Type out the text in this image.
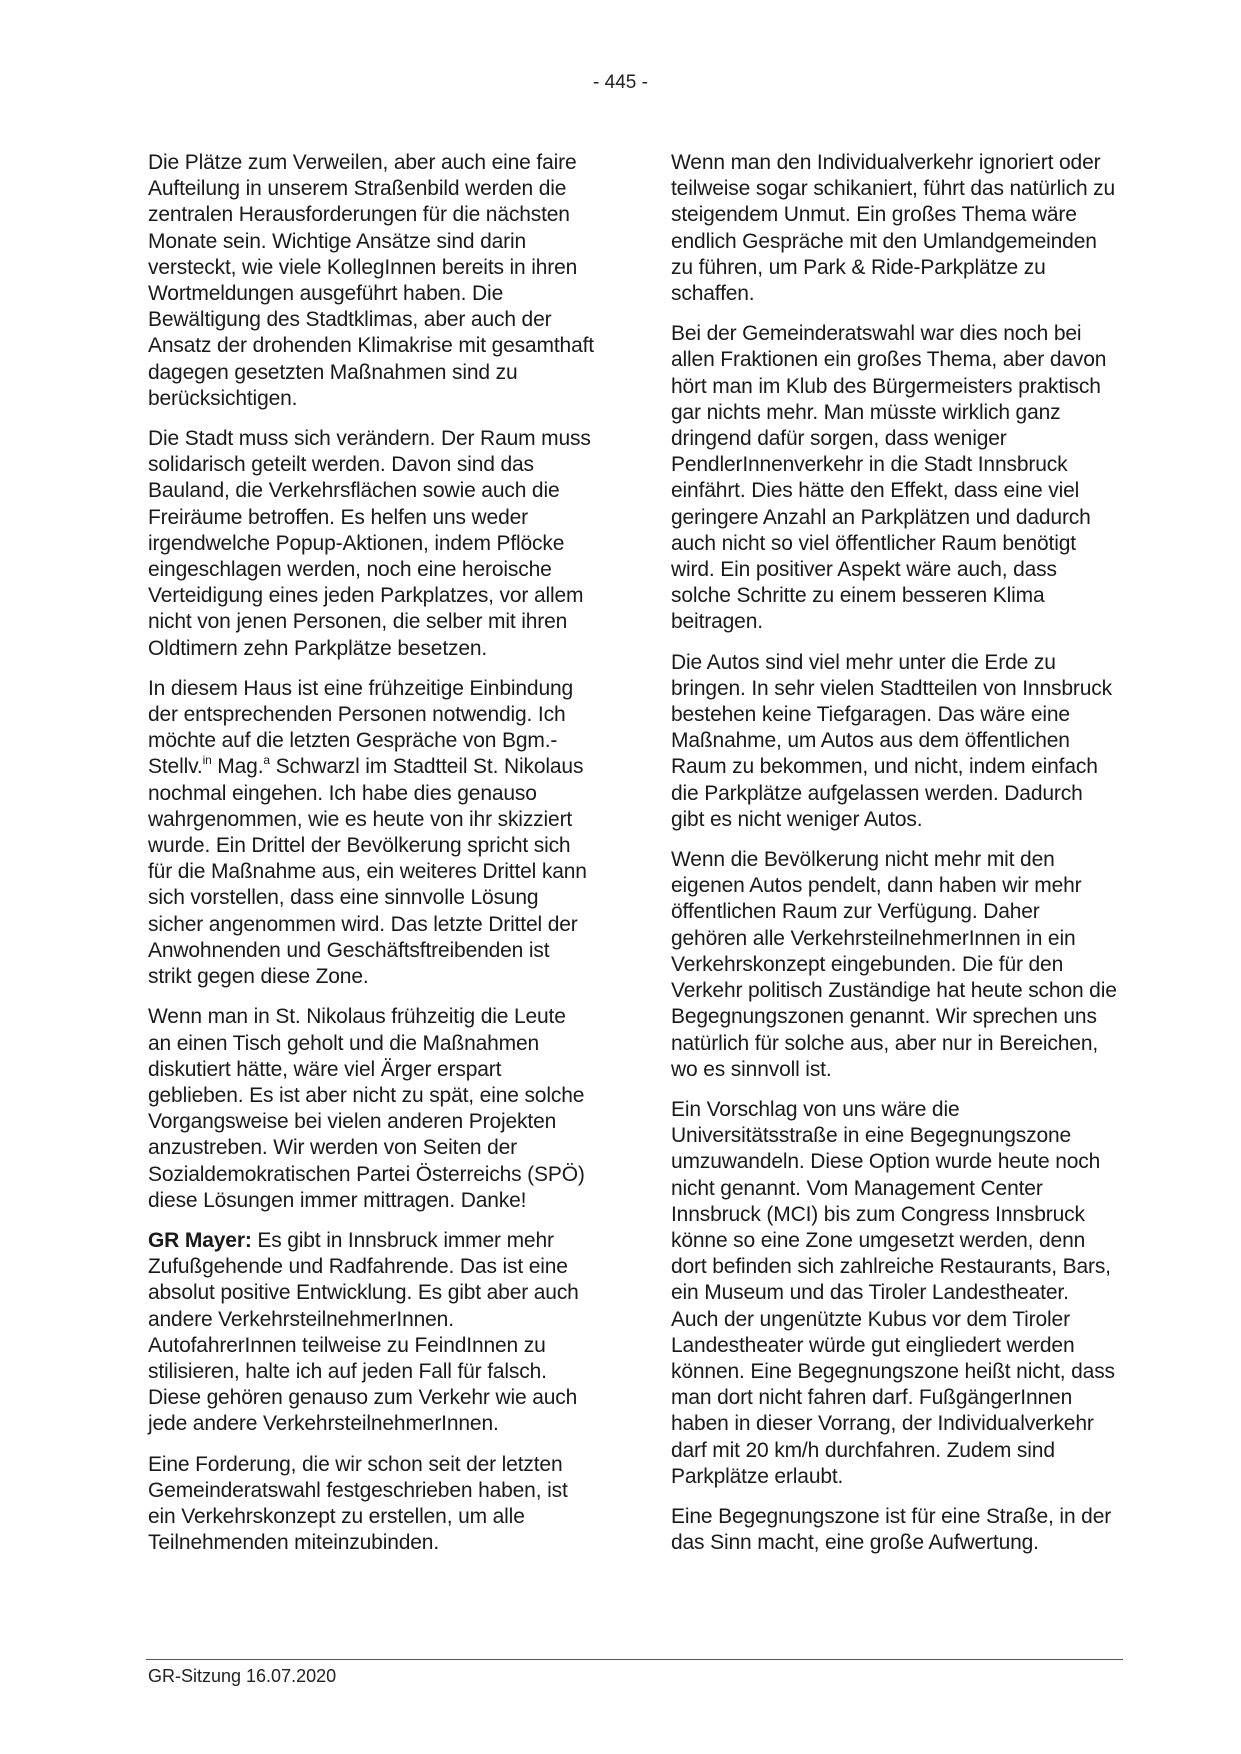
- 445 -

Die Plätze zum Verweilen, aber auch eine faire Aufteilung in unserem Straßenbild werden die zentralen Herausforderungen für die nächsten Monate sein. Wichtige Ansätze sind darin versteckt, wie viele KollegInnen bereits in ihren Wortmeldungen ausgeführt haben. Die Bewältigung des Stadtklimas, aber auch der Ansatz der drohenden Klimakrise mit gesamthaft dagegen gesetzten Maßnahmen sind zu berücksichtigen.

Die Stadt muss sich verändern. Der Raum muss solidarisch geteilt werden. Davon sind das Bauland, die Verkehrsflächen sowie auch die Freiräume betroffen. Es helfen uns weder irgendwelche Popup-Aktionen, indem Pflöcke eingeschlagen werden, noch eine heroische Verteidigung eines jeden Parkplatzes, vor allem nicht von jenen Personen, die selber mit ihren Oldtimern zehn Parkplätze besetzen.

In diesem Haus ist eine frühzeitige Einbindung der entsprechenden Personen notwendig. Ich möchte auf die letzten Gespräche von Bgm.-Stellv.$^{in}$ Mag.$^a$ Schwarzl im Stadtteil St. Nikolaus nochmal eingehen. Ich habe dies genauso wahrgenommen, wie es heute von ihr skizziert wurde. Ein Drittel der Bevölkerung spricht sich für die Maßnahme aus, ein weiteres Drittel kann sich vorstellen, dass eine sinnvolle Lösung sicher angenommen wird. Das letzte Drittel der Anwohnenden und Geschäftsftreibenden ist strikt gegen diese Zone.

Wenn man in St. Nikolaus frühzeitig die Leute an einen Tisch geholt und die Maßnahmen diskutiert hätte, wäre viel Ärger erspart geblieben. Es ist aber nicht zu spät, eine solche Vorgangsweise bei vielen anderen Projekten anzustreben. Wir werden von Seiten der Sozialdemokratischen Partei Österreichs (SPÖ) diese Lösungen immer mittragen. Danke!

GR Mayer: Es gibt in Innsbruck immer mehr Zufußgehende und Radfahrende. Das ist eine absolut positive Entwicklung. Es gibt aber auch andere VerkehrsteilnehmerInnen. AutofahrerInnen teilweise zu FeindInnen zu stilisieren, halte ich auf jeden Fall für falsch. Diese gehören genauso zum Verkehr wie auch jede andere VerkehrsteilnehmerInnen.

Eine Forderung, die wir schon seit der letzten Gemeinderatswahl festgeschrieben haben, ist ein Verkehrskonzept zu erstellen, um alle Teilnehmenden miteinzubinden.

Wenn man den Individualverkehr ignoriert oder teilweise sogar schikaniert, führt das natürlich zu steigendem Unmut. Ein großes Thema wäre endlich Gespräche mit den Umlandgemeinden zu führen, um Park & Ride-Parkplätze zu schaffen.

Bei der Gemeinderatswahl war dies noch bei allen Fraktionen ein großes Thema, aber davon hört man im Klub des Bürgermeisters praktisch gar nichts mehr. Man müsste wirklich ganz dringend dafür sorgen, dass weniger PendlerInnenverkehr in die Stadt Innsbruck einfährt. Dies hätte den Effekt, dass eine viel geringere Anzahl an Parkplätzen und dadurch auch nicht so viel öffentlicher Raum benötigt wird. Ein positiver Aspekt wäre auch, dass solche Schritte zu einem besseren Klima beitragen.

Die Autos sind viel mehr unter die Erde zu bringen. In sehr vielen Stadtteilen von Innsbruck bestehen keine Tiefgaragen. Das wäre eine Maßnahme, um Autos aus dem öffentlichen Raum zu bekommen, und nicht, indem einfach die Parkplätze aufgelassen werden. Dadurch gibt es nicht weniger Autos.

Wenn die Bevölkerung nicht mehr mit den eigenen Autos pendelt, dann haben wir mehr öffentlichen Raum zur Verfügung. Daher gehören alle VerkehrsteilnehmerInnen in ein Verkehrskonzept eingebunden. Die für den Verkehr politisch Zuständige hat heute schon die Begegnungszonen genannt. Wir sprechen uns natürlich für solche aus, aber nur in Bereichen, wo es sinnvoll ist.

Ein Vorschlag von uns wäre die Universitätsstraße in eine Begegnungszone umzuwandeln. Diese Option wurde heute noch nicht genannt. Vom Management Center Innsbruck (MCI) bis zum Congress Innsbruck könne so eine Zone umgesetzt werden, denn dort befinden sich zahlreiche Restaurants, Bars, ein Museum und das Tiroler Landestheater. Auch der ungenützte Kubus vor dem Tiroler Landestheater würde gut eingliedert werden können. Eine Begegnungszone heißt nicht, dass man dort nicht fahren darf. FußgängerInnen haben in dieser Vorrang, der Individualverkehr darf mit 20 km/h durchfahren. Zudem sind Parkplätze erlaubt.

Eine Begegnungszone ist für eine Straße, in der das Sinn macht, eine große Aufwertung.

GR-Sitzung 16.07.2020
